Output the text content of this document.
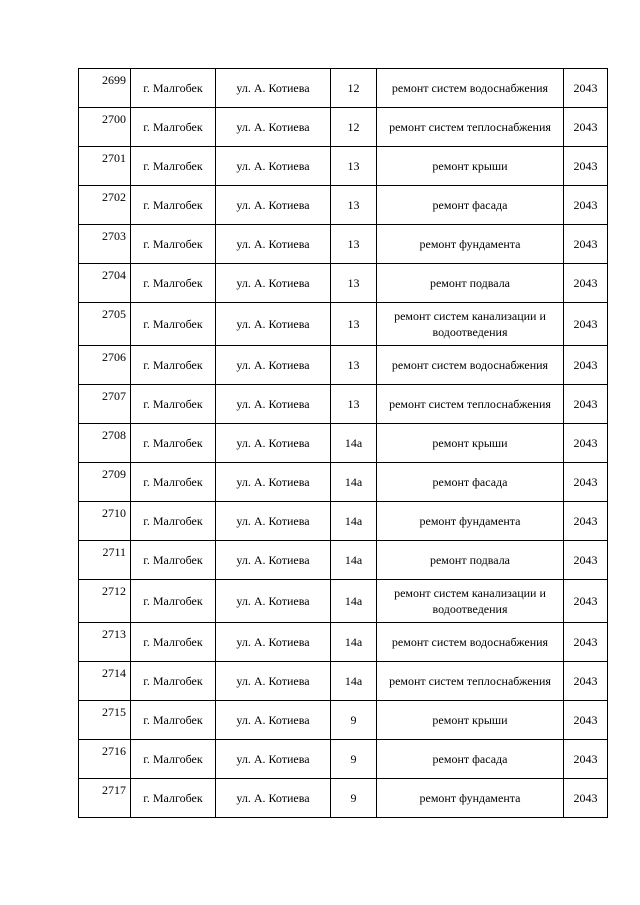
2699	г. Малгобек	ул. А. Котиева	12	ремонт систем водоснабжения	2043
2700	г. Малгобек	ул. А. Котиева	12	ремонт систем теплоснабжения	2043
2701	г. Малгобек	ул. А. Котиева	13	ремонт крыши	2043
2702	г. Малгобек	ул. А. Котиева	13	ремонт фасада	2043
2703	г. Малгобек	ул. А. Котиева	13	ремонт фундамента	2043
2704	г. Малгобек	ул. А. Котиева	13	ремонт подвала	2043
2705	г. Малгобек	ул. А. Котиева	13	ремонт систем канализации и водоотведения	2043
2706	г. Малгобек	ул. А. Котиева	13	ремонт систем водоснабжения	2043
2707	г. Малгобек	ул. А. Котиева	13	ремонт систем теплоснабжения	2043
2708	г. Малгобек	ул. А. Котиева	14а	ремонт крыши	2043
2709	г. Малгобек	ул. А. Котиева	14а	ремонт фасада	2043
2710	г. Малгобек	ул. А. Котиева	14а	ремонт фундамента	2043
2711	г. Малгобек	ул. А. Котиева	14а	ремонт подвала	2043
2712	г. Малгобек	ул. А. Котиева	14а	ремонт систем канализации и водоотведения	2043
2713	г. Малгобек	ул. А. Котиева	14а	ремонт систем водоснабжения	2043
2714	г. Малгобек	ул. А. Котиева	14а	ремонт систем теплоснабжения	2043
2715	г. Малгобек	ул. А. Котиева	9	ремонт крыши	2043
2716	г. Малгобек	ул. А. Котиева	9	ремонт фасада	2043
2717	г. Малгобек	ул. А. Котиева	9	ремонт фундамента	2043
